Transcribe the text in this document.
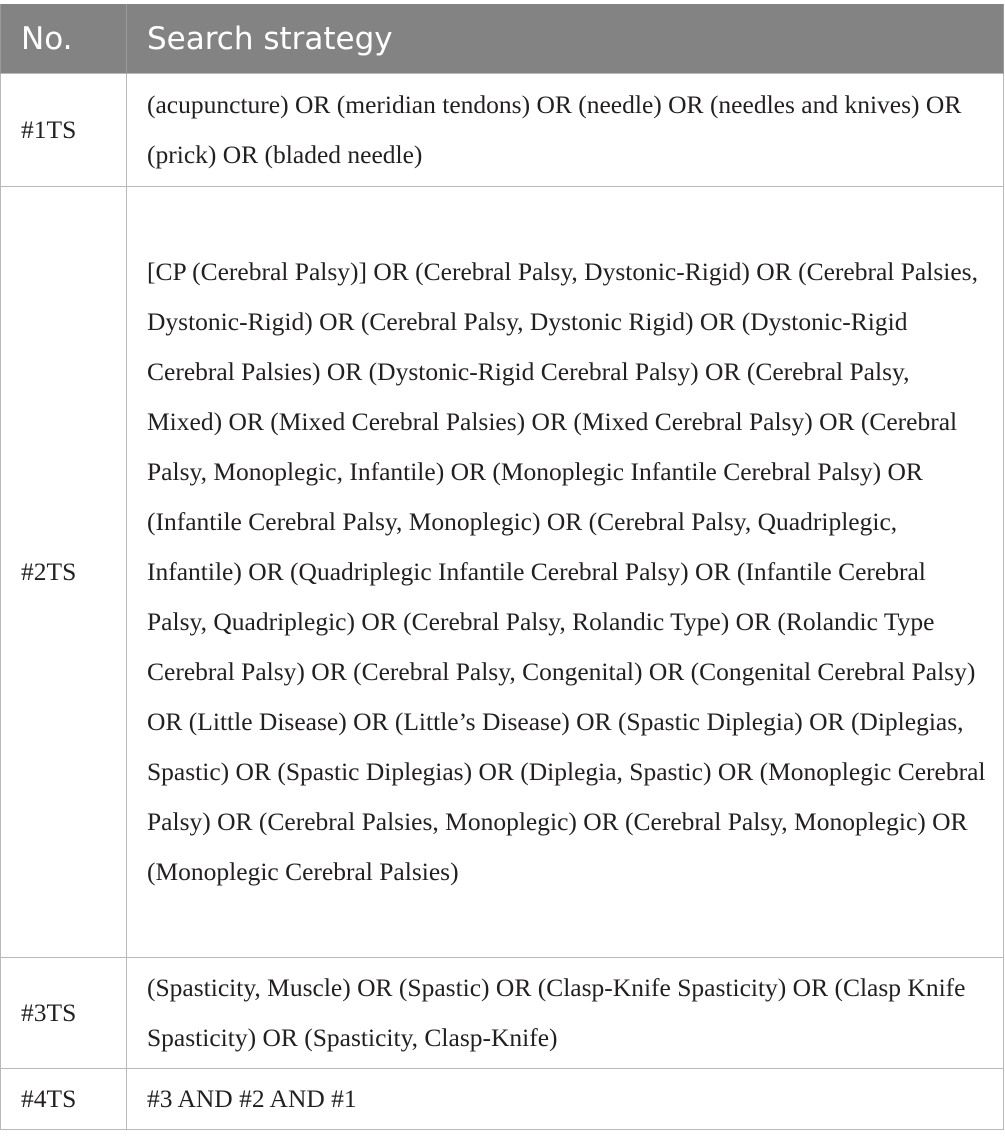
No.	Search strategy
#1TS	(acupuncture) OR (meridian tendons) OR (needle) OR (needles and knives) OR (prick) OR (bladed needle)
#2TS	[CP (Cerebral Palsy)] OR (Cerebral Palsy, Dystonic-Rigid) OR (Cerebral Palsies, Dystonic-Rigid) OR (Cerebral Palsy, Dystonic Rigid) OR (Dystonic-Rigid Cerebral Palsies) OR (Dystonic-Rigid Cerebral Palsy) OR (Cerebral Palsy, Mixed) OR (Mixed Cerebral Palsies) OR (Mixed Cerebral Palsy) OR (Cerebral Palsy, Monoplegic, Infantile) OR (Monoplegic Infantile Cerebral Palsy) OR (Infantile Cerebral Palsy, Monoplegic) OR (Cerebral Palsy, Quadriplegic, Infantile) OR (Quadriplegic Infantile Cerebral Palsy) OR (Infantile Cerebral Palsy, Quadriplegic) OR (Cerebral Palsy, Rolandic Type) OR (Rolandic Type Cerebral Palsy) OR (Cerebral Palsy, Congenital) OR (Congenital Cerebral Palsy) OR (Little Disease) OR (Little’s Disease) OR (Spastic Diplegia) OR (Diplegias, Spastic) OR (Spastic Diplegias) OR (Diplegia, Spastic) OR (Monoplegic Cerebral Palsy) OR (Cerebral Palsies, Monoplegic) OR (Cerebral Palsy, Monoplegic) OR (Monoplegic Cerebral Palsies)
#3TS	(Spasticity, Muscle) OR (Spastic) OR (Clasp-Knife Spasticity) OR (Clasp Knife Spasticity) OR (Spasticity, Clasp-Knife)
#4TS	#3 AND #2 AND #1
